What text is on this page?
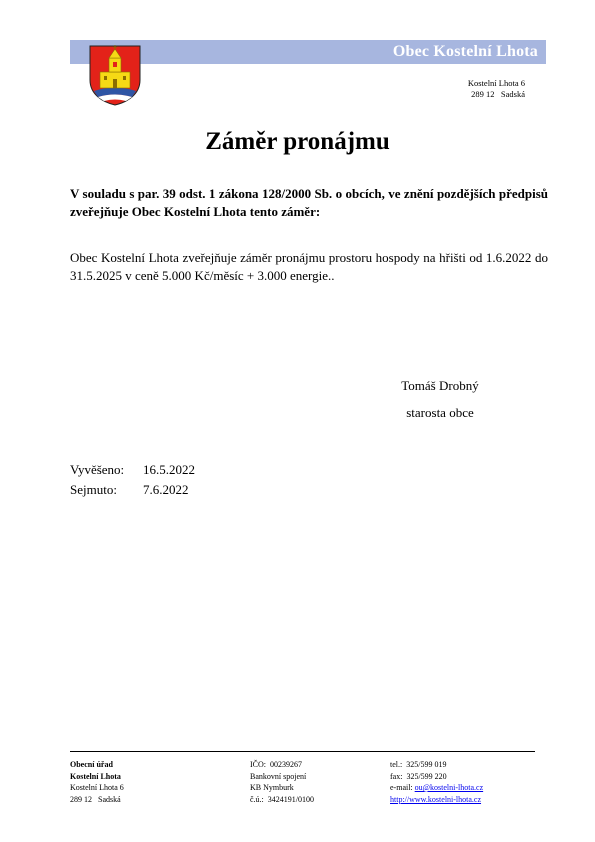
Obec Kostelní Lhota
Kostelní Lhota 6
289 12   Sadská
Záměr pronájmu
V souladu s par. 39 odst. 1 zákona 128/2000 Sb. o obcích, ve znění pozdějších předpisů zveřejňuje Obec Kostelní Lhota tento záměr:
Obec Kostelní Lhota zveřejňuje záměr pronájmu prostoru hospody na hřišti od 1.6.2022 do 31.5.2025 v ceně 5.000 Kč/měsíc + 3.000 energie..
Tomáš Drobný
starosta obce
Vyvěšeno:	16.5.2022
Sejmuto:	7.6.2022
Obecní úřad
Kostelní Lhota
Kostelní Lhota 6
289 12   Sadská
IČO:  00239267
Bankovní spojení
KB Nymburk
č.ú.:  3424191/0100
tel.:  325/599 019
fax:  325/599 220
e-mail: ou@kostelni-lhota.cz
http://www.kostelni-lhota.cz
